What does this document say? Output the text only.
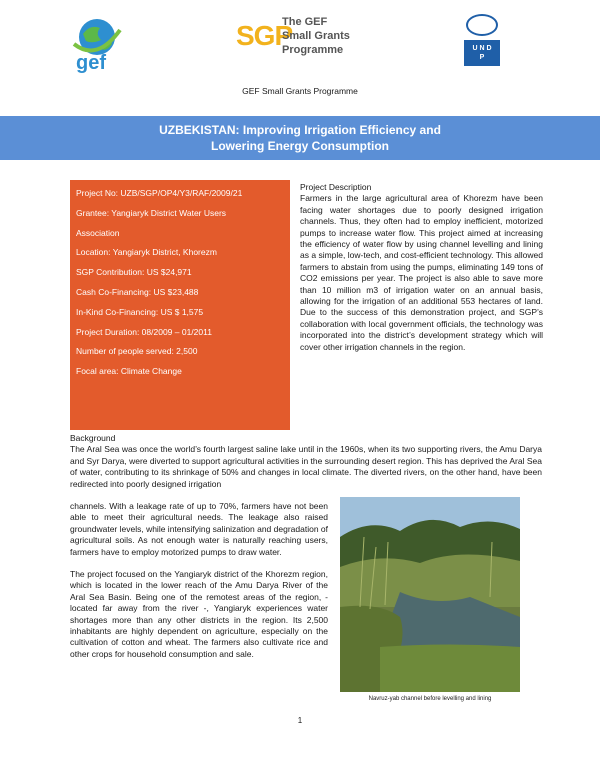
gef
SGP
The GEF
Small Grants
Programme	U N D P
GEF Small Grants Programme
UZBEKISTAN: Improving Irrigation Efficiency and
Lowering Energy Consumption
Project No: UZB/SGP/OP4/Y3/RAF/2009/21
Grantee: Yangiaryk District Water Users
Association
Location: Yangiaryk District, Khorezm
SGP Contribution: US $24,971
Cash Co-Financing: US $23,488
In-Kind Co-Financing: US $ 1,575
Project Duration: 08/2009 – 01/2011
Number of people served: 2,500
Focal area: Climate Change

Project Description

Farmers in the large agricultural area of Khorezm have been facing water shortages due to poorly designed irrigation channels. Thus, they often had to employ inefficient, motorized pumps to increase water flow. This project aimed at increasing the efficiency of water flow by using channel levelling and lining as a simple, low-tech, and cost-efficient technology. This allowed farmers to abstain from using the pumps, eliminating 149 tons of CO2 emissions per year. The project is also able to save more than 10 million m3 of irrigation water on an annual basis, allowing for the irrigation of an additional 553 hectares of land. Due to the success of this demonstration project, and SGP’s collaboration with local government officials, the technology was incorporated into the district’s development strategy which will cover other irrigation channels in the region.

Background

The Aral Sea was once the world’s fourth largest saline lake until in the 1960s, when its two supporting rivers, the Amu Darya and Syr Darya, were diverted to support agricultural activities in the surrounding desert region. This has deprived the Aral Sea of water, contributing to its shrinkage of 50% and changes in local climate. The diverted rivers, on the other hand, have been redirected into poorly designed irrigation

channels. With a leakage rate of up to 70%, farmers have not been able to meet their agricultural needs. The leakage also raised groundwater levels, while intensifying salinization and degradation of agricultural soils. As not enough water is naturally reaching users, farmers have to employ motorized pumps to draw water.

The project focused on the Yangiaryk district of the Khorezm region, which is located in the lower reach of the Amu Darya River of the Aral Sea Basin. Being one of the remotest areas of the region, - located far away from the river -, Yangiaryk experiences water shortages more than any other districts in the region. Its 2,500 inhabitants are highly dependent on agriculture, especially on the cultivation of cotton and wheat. The farmers also cultivate rice and other crops for household consumption and sale.

Navruz-yab channel before levelling and lining
1
